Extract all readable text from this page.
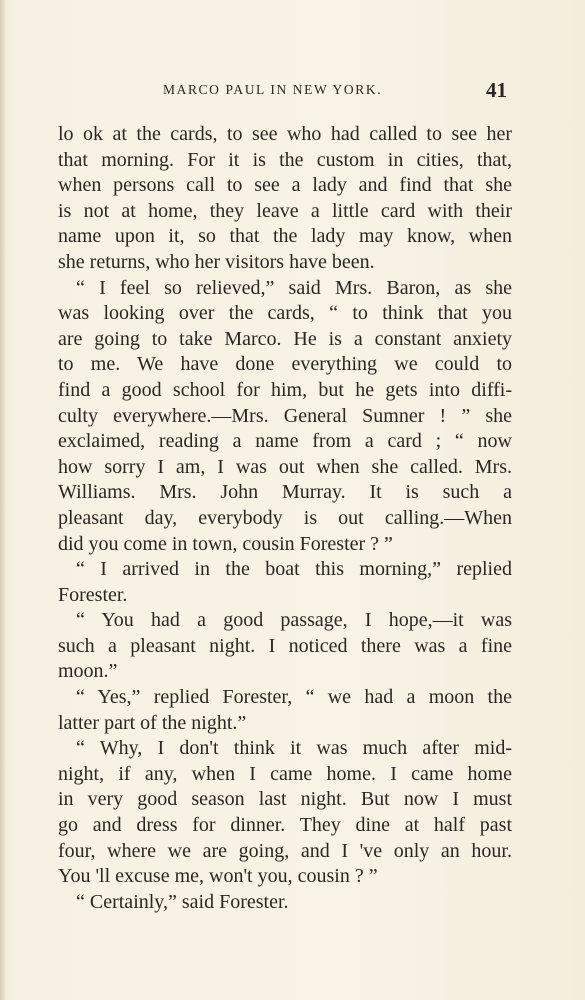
MARCO PAUL IN NEW YORK.	41
lo ok at the cards, to see who had called to see her
that morning. For it is the custom in cities, that,
when persons call to see a lady and find that she
is not at home, they leave a little card with their
name upon it, so that the lady may know, when
she returns, who her visitors have been.
“ I feel so relieved,” said Mrs. Baron, as she
was looking over the cards, “ to think that you
are going to take Marco. He is a constant anxiety
to me. We have done everything we could to
find a good school for him, but he gets into diffi-
culty everywhere.—Mrs. General Sumner ! ” she
exclaimed, reading a name from a card ; “ now
how sorry I am, I was out when she called. Mrs.
Williams. Mrs. John Murray. It is such a
pleasant day, everybody is out calling.—When
did you come in town, cousin Forester ? ”
“ I arrived in the boat this morning,” replied
Forester.
“ You had a good passage, I hope,—it was
such a pleasant night. I noticed there was a fine
moon.”
“ Yes,” replied Forester, “ we had a moon the
latter part of the night.”
“ Why, I don't think it was much after mid-
night, if any, when I came home. I came home
in very good season last night. But now I must
go and dress for dinner. They dine at half past
four, where we are going, and I 've only an hour.
You 'll excuse me, won't you, cousin ? ”
“ Certainly,” said Forester.
